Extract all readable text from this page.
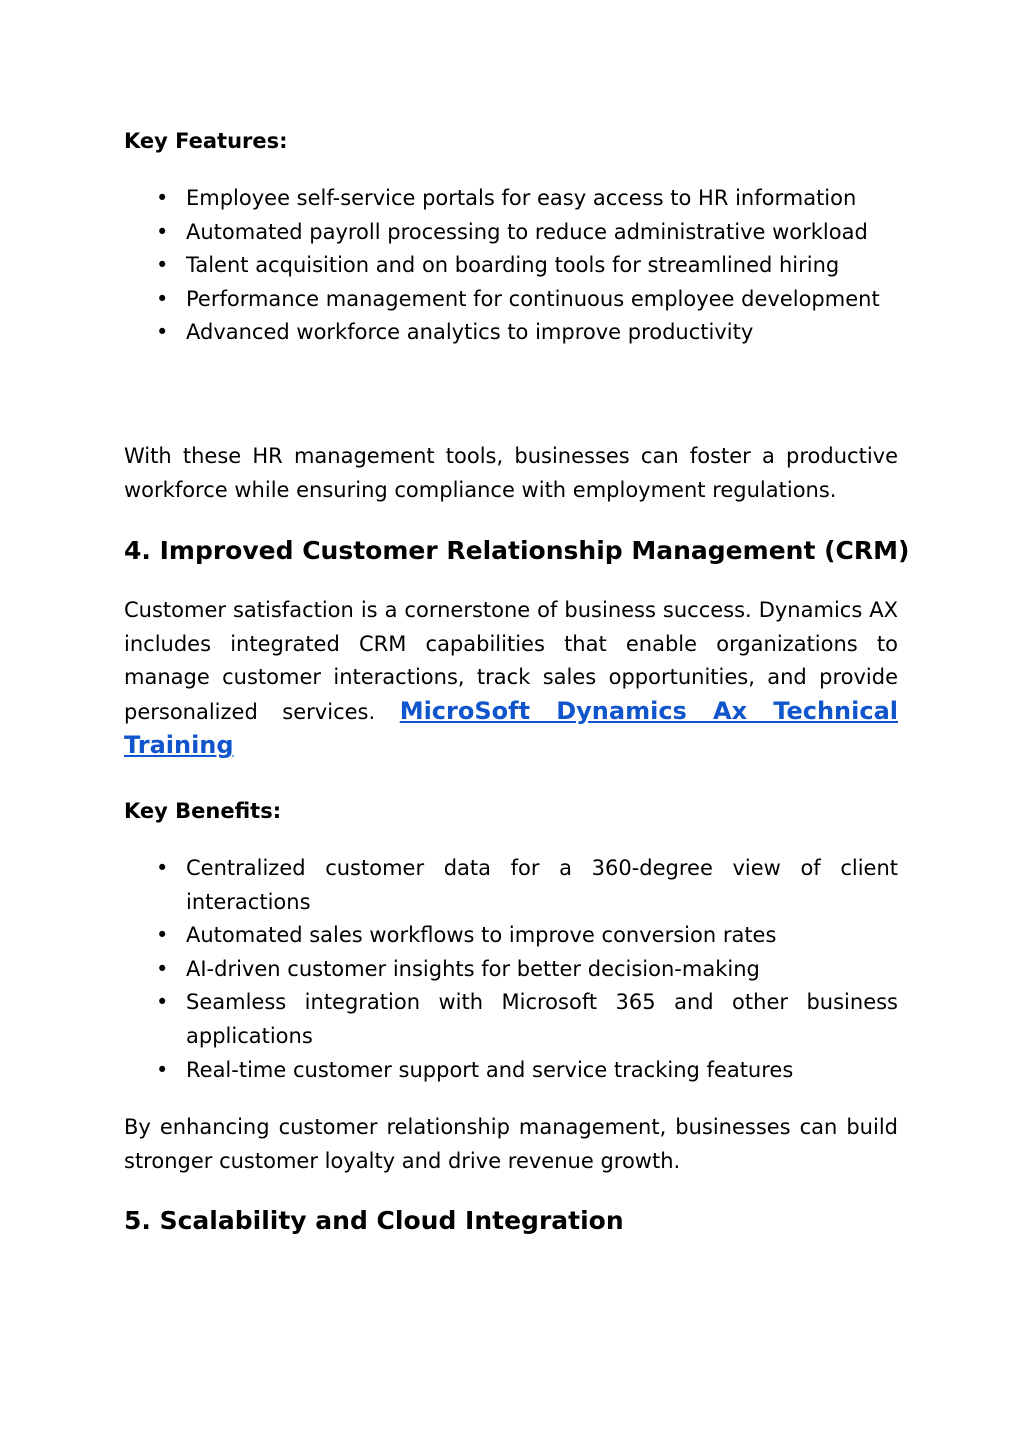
Key Features:
• Employee self-service portals for easy access to HR information
• Automated payroll processing to reduce administrative workload
• Talent acquisition and on boarding tools for streamlined hiring
• Performance management for continuous employee development
• Advanced workforce analytics to improve productivity

With these HR management tools, businesses can foster a productive workforce while ensuring compliance with employment regulations.

4. Improved Customer Relationship Management (CRM)

Customer satisfaction is a cornerstone of business success. Dynamics AX includes integrated CRM capabilities that enable organizations to manage customer interactions, track sales opportunities, and provide personalized services. MicroSoft Dynamics Ax Technical Training

Key Benefits:
• Centralized customer data for a 360-degree view of client interactions
• Automated sales workflows to improve conversion rates
• AI-driven customer insights for better decision-making
• Seamless integration with Microsoft 365 and other business applications
• Real-time customer support and service tracking features

By enhancing customer relationship management, businesses can build stronger customer loyalty and drive revenue growth.

5. Scalability and Cloud Integration
